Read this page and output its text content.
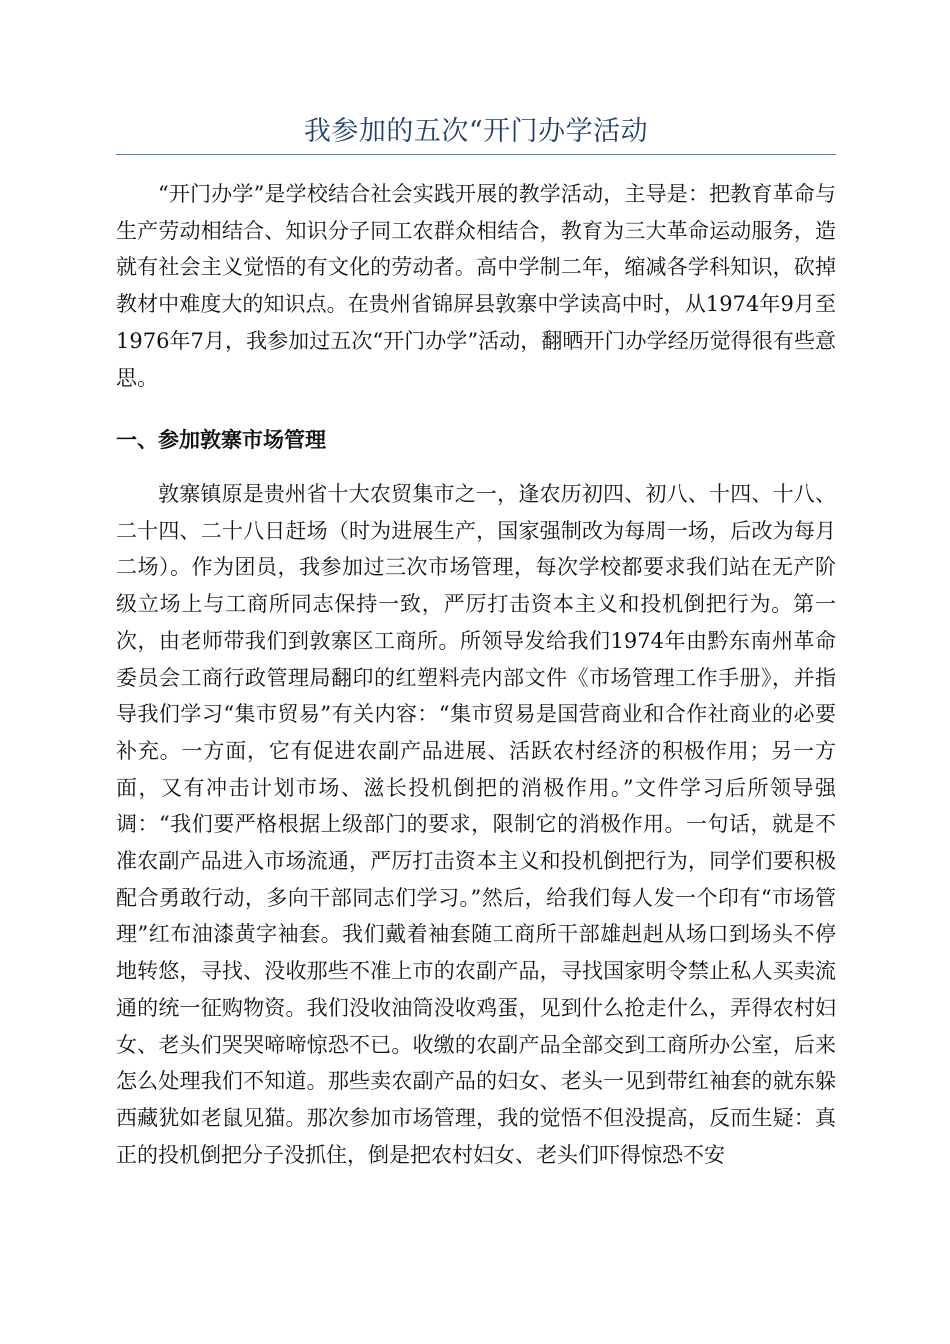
我参加的五次“开门办学活动

“开门办学”是学校结合社会实践开展的教学活动，主导是：把教育革命与生产劳动相结合、知识分子同工农群众相结合，教育为三大革命运动服务，造就有社会主义觉悟的有文化的劳动者。高中学制二年，缩减各学科知识，砍掉教材中难度大的知识点。在贵州省锦屏县敦寨中学读高中时，从1974年9月至1976年7月，我参加过五次“开门办学”活动，翻晒开门办学经历觉得很有些意思。

一、参加敦寨市场管理

敦寨镇原是贵州省十大农贸集市之一，逢农历初四、初八、十四、十八、二十四、二十八日赶场（时为进展生产，国家强制改为每周一场，后改为每月二场）。作为团员，我参加过三次市场管理，每次学校都要求我们站在无产阶级立场上与工商所同志保持一致，严厉打击资本主义和投机倒把行为。第一次，由老师带我们到敦寨区工商所。所领导发给我们1974年由黔东南州革命委员会工商行政管理局翻印的红塑料壳内部文件《市场管理工作手册》，并指导我们学习“集市贸易”有关内容：“集市贸易是国营商业和合作社商业的必要补充。一方面，它有促进农副产品进展、活跃农村经济的积极作用；另一方面，又有冲击计划市场、滋长投机倒把的消极作用。”文件学习后所领导强调：“我们要严格根据上级部门的要求，限制它的消极作用。一句话，就是不准农副产品进入市场流通，严厉打击资本主义和投机倒把行为，同学们要积极配合勇敢行动，多向干部同志们学习。”然后，给我们每人发一个印有“市场管理”红布油漆黄字袖套。我们戴着袖套随工商所干部雄赳赳从场口到场头不停地转悠，寻找、没收那些不准上市的农副产品，寻找国家明令禁止私人买卖流通的统一征购物资。我们没收油筒没收鸡蛋，见到什么抢走什么，弄得农村妇女、老头们哭哭啼啼惊恐不已。收缴的农副产品全部交到工商所办公室，后来怎么处理我们不知道。那些卖农副产品的妇女、老头一见到带红袖套的就东躲西藏犹如老鼠见猫。那次参加市场管理，我的觉悟不但没提高，反而生疑：真正的投机倒把分子没抓住，倒是把农村妇女、老头们吓得惊恐不安
